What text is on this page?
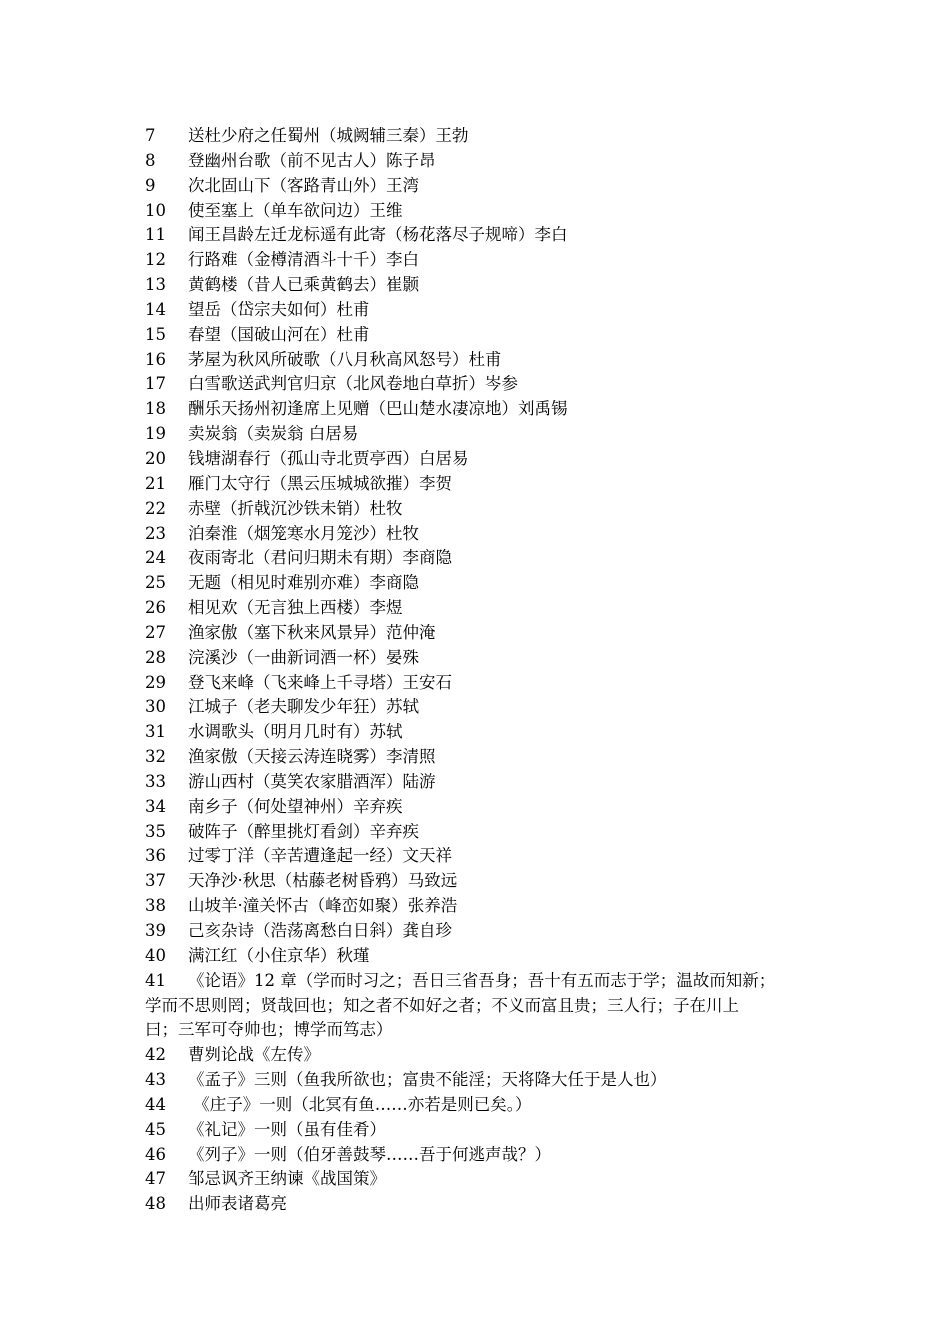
7	送杜少府之任蜀州（城阙辅三秦）王勃
8	登幽州台歌（前不见古人）陈子昂
9	次北固山下（客路青山外）王湾
10	使至塞上（单车欲问边）王维
11	闻王昌龄左迁龙标遥有此寄（杨花落尽子规啼）李白
12	行路难（金樽清酒斗十千）李白
13	黄鹤楼（昔人已乘黄鹤去）崔颢
14	望岳（岱宗夫如何）杜甫
15	春望（国破山河在）杜甫
16	茅屋为秋风所破歌（八月秋高风怒号）杜甫
17	白雪歌送武判官归京（北风卷地白草折）岑参
18	酬乐天扬州初逢席上见赠（巴山楚水凄凉地）刘禹锡
19	卖炭翁（卖炭翁 白居易
20	钱塘湖春行（孤山寺北贾亭西）白居易
21	雁门太守行（黑云压城城欲摧）李贺
22	赤壁（折戟沉沙铁未销）杜牧
23	泊秦淮（烟笼寒水月笼沙）杜牧
24	夜雨寄北（君问归期未有期）李商隐
25	无题（相见时难别亦难）李商隐
26	相见欢（无言独上西楼）李煜
27	渔家傲（塞下秋来风景异）范仲淹
28	浣溪沙（一曲新词酒一杯）晏殊
29	登飞来峰（飞来峰上千寻塔）王安石
30	江城子（老夫聊发少年狂）苏轼
31	水调歌头（明月几时有）苏轼
32	渔家傲（天接云涛连晓雾）李清照
33	游山西村（莫笑农家腊酒浑）陆游
34	南乡子（何处望神州）辛弃疾
35	破阵子（醉里挑灯看剑）辛弃疾
36	过零丁洋（辛苦遭逢起一经）文天祥
37	天净沙·秋思（枯藤老树昏鸦）马致远
38	山坡羊·潼关怀古（峰峦如聚）张养浩
39	己亥杂诗（浩荡离愁白日斜）龚自珍
40	满江红（小住京华）秋瑾
41	《论语》12 章（学而时习之；吾日三省吾身；吾十有五而志于学；温故而知新；
学而不思则罔；贤哉回也；知之者不如好之者；不义而富且贵；三人行；子在川上
曰；三军可夺帅也；博学而笃志）
42	曹刿论战《左传》
43	《孟子》三则（鱼我所欲也；富贵不能淫；天将降大任于是人也）
44	《庄子》一则（北冥有鱼……亦若是则已矣。）
45	《礼记》一则（虽有佳肴）
46	《列子》一则（伯牙善鼓琴……吾于何逃声哉？）
47	邹忌讽齐王纳谏《战国策》
48	出师表诸葛亮
